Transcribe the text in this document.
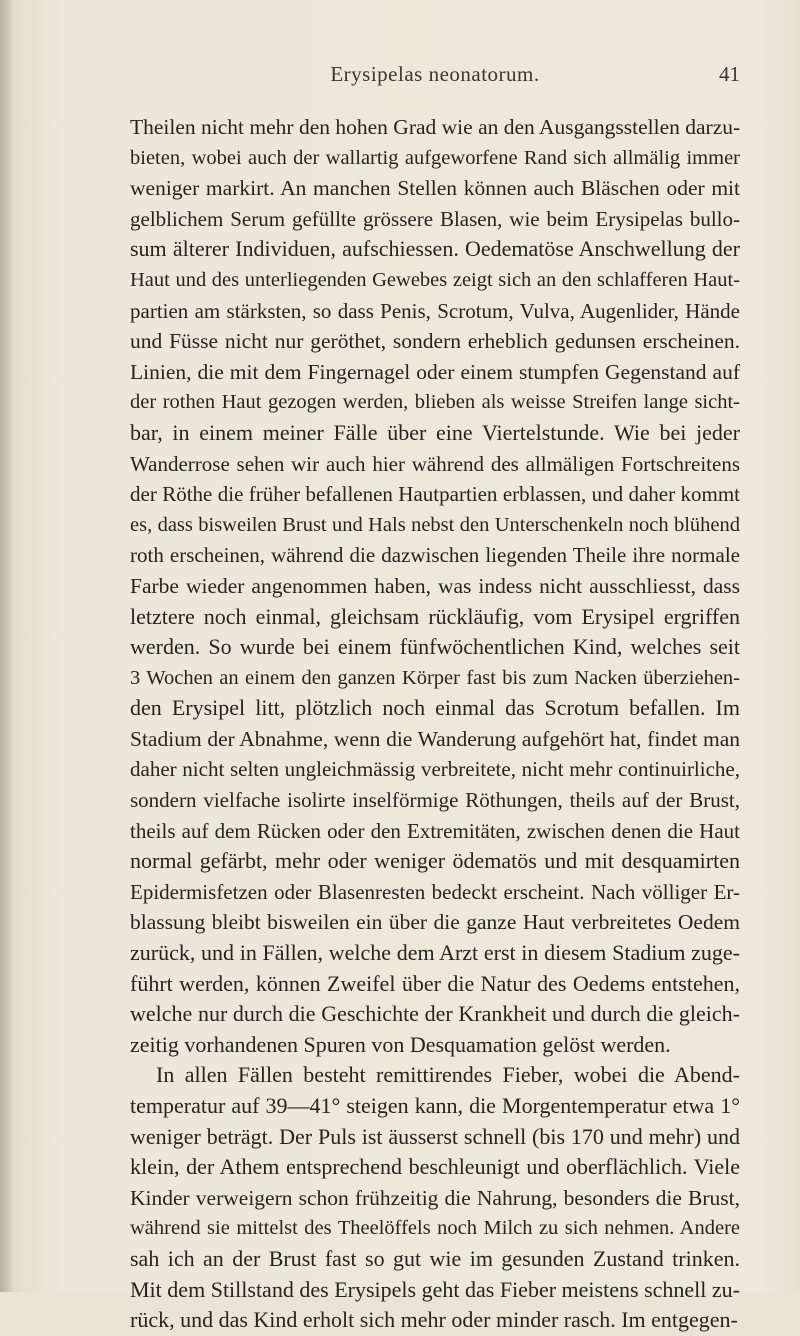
Erysipelas neonatorum.	41
Theilen nicht mehr den hohen Grad wie an den Ausgangsstellen darzu-
bieten, wobei auch der wallartig aufgeworfene Rand sich allmälig immer
weniger markirt. An manchen Stellen können auch Bläschen oder mit
gelblichem Serum gefüllte grössere Blasen, wie beim Erysipelas bullo-
sum älterer Individuen, aufschiessen. Oedematöse Anschwellung der
Haut und des unterliegenden Gewebes zeigt sich an den schlafferen Haut-
partien am stärksten, so dass Penis, Scrotum, Vulva, Augenlider, Hände
und Füsse nicht nur geröthet, sondern erheblich gedunsen erscheinen.
Linien, die mit dem Fingernagel oder einem stumpfen Gegenstand auf
der rothen Haut gezogen werden, blieben als weisse Streifen lange sicht-
bar, in einem meiner Fälle über eine Viertelstunde. Wie bei jeder
Wanderrose sehen wir auch hier während des allmäligen Fortschreitens
der Röthe die früher befallenen Hautpartien erblassen, und daher kommt
es, dass bisweilen Brust und Hals nebst den Unterschenkeln noch blühend
roth erscheinen, während die dazwischen liegenden Theile ihre normale
Farbe wieder angenommen haben, was indess nicht ausschliesst, dass
letztere noch einmal, gleichsam rückläufig, vom Erysipel ergriffen
werden. So wurde bei einem fünfwöchentlichen Kind, welches seit
3 Wochen an einem den ganzen Körper fast bis zum Nacken überziehen-
den Erysipel litt, plötzlich noch einmal das Scrotum befallen. Im
Stadium der Abnahme, wenn die Wanderung aufgehört hat, findet man
daher nicht selten ungleichmässig verbreitete, nicht mehr continuirliche,
sondern vielfache isolirte inselförmige Röthungen, theils auf der Brust,
theils auf dem Rücken oder den Extremitäten, zwischen denen die Haut
normal gefärbt, mehr oder weniger ödematös und mit desquamirten
Epidermisfetzen oder Blasenresten bedeckt erscheint. Nach völliger Er-
blassung bleibt bisweilen ein über die ganze Haut verbreitetes Oedem
zurück, und in Fällen, welche dem Arzt erst in diesem Stadium zuge-
führt werden, können Zweifel über die Natur des Oedems entstehen,
welche nur durch die Geschichte der Krankheit und durch die gleich-
zeitig vorhandenen Spuren von Desquamation gelöst werden.
In allen Fällen besteht remittirendes Fieber, wobei die Abend-
temperatur auf 39—41° steigen kann, die Morgentemperatur etwa 1°
weniger beträgt. Der Puls ist äusserst schnell (bis 170 und mehr) und
klein, der Athem entsprechend beschleunigt und oberflächlich. Viele
Kinder verweigern schon frühzeitig die Nahrung, besonders die Brust,
während sie mittelst des Theelöffels noch Milch zu sich nehmen. Andere
sah ich an der Brust fast so gut wie im gesunden Zustand trinken.
Mit dem Stillstand des Erysipels geht das Fieber meistens schnell zu-
rück, und das Kind erholt sich mehr oder minder rasch. Im entgegen-
